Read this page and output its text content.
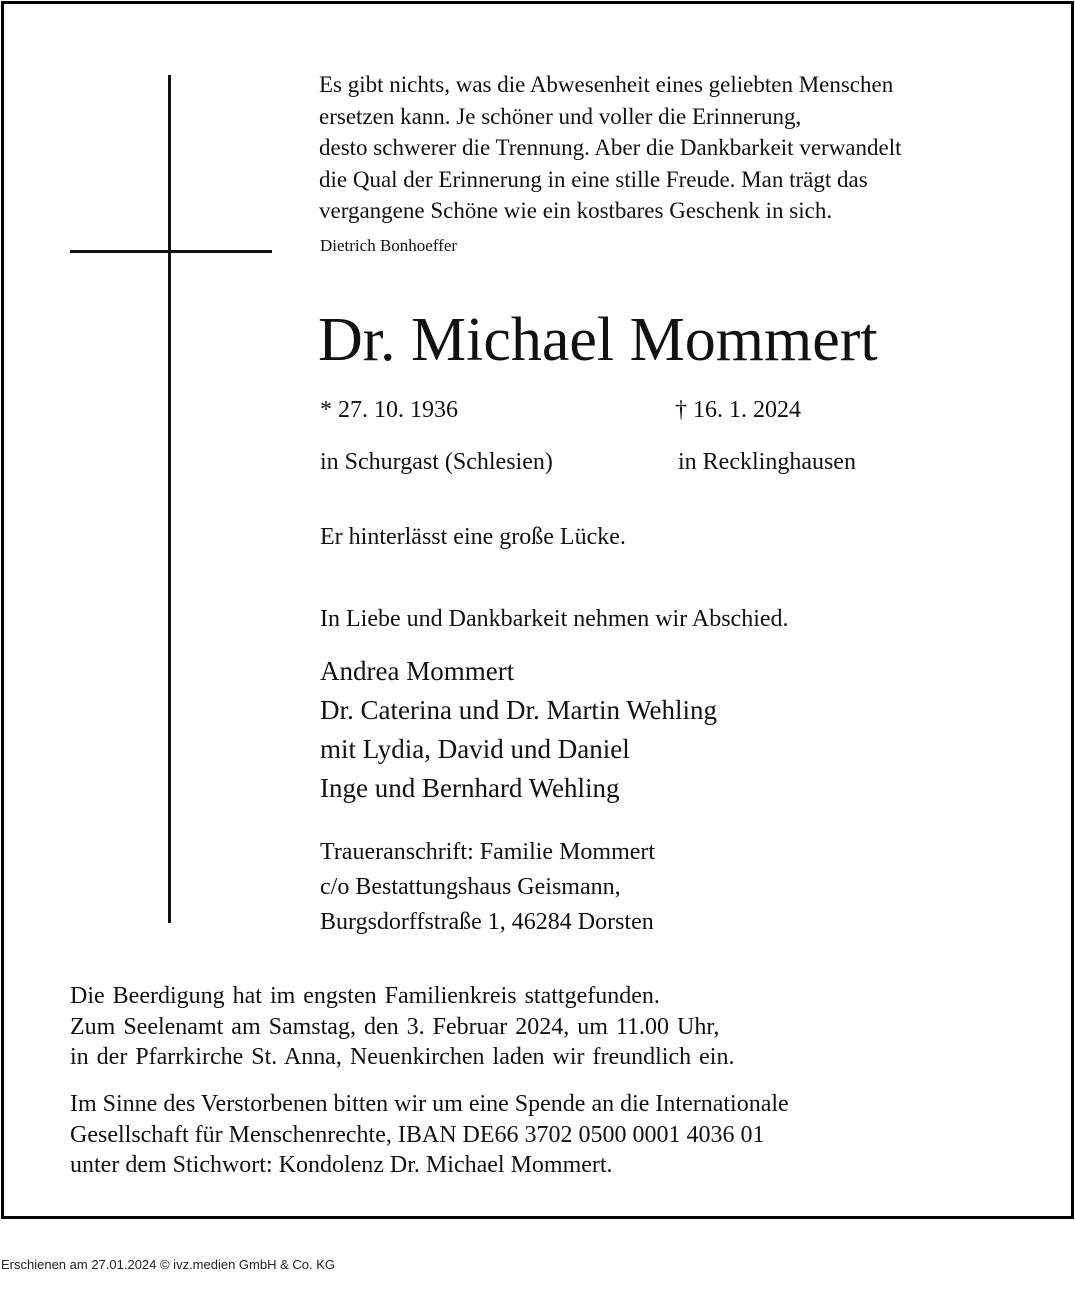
Es gibt nichts, was die Abwesenheit eines geliebten Menschen
ersetzen kann. Je schöner und voller die Erinnerung,
desto schwerer die Trennung. Aber die Dankbarkeit verwandelt
die Qual der Erinnerung in eine stille Freude. Man trägt das
vergangene Schöne wie ein kostbares Geschenk in sich.
Dietrich Bonhoeffer
Dr. Michael Mommert
* 27. 10. 1936	† 16. 1. 2024
in Schurgast (Schlesien)	in Recklinghausen
Er hinterlässt eine große Lücke.
In Liebe und Dankbarkeit nehmen wir Abschied.
Andrea Mommert
Dr. Caterina und Dr. Martin Wehling
mit Lydia, David und Daniel
Inge und Bernhard Wehling
Traueranschrift: Familie Mommert
c/o Bestattungshaus Geismann,
Burgsdorffstraße 1, 46284 Dorsten
Die Beerdigung hat im engsten Familienkreis stattgefunden.
Zum Seelenamt am Samstag, den 3. Februar 2024, um 11.00 Uhr,
in der Pfarrkirche St. Anna, Neuenkirchen laden wir freundlich ein.
Im Sinne des Verstorbenen bitten wir um eine Spende an die Internationale
Gesellschaft für Menschenrechte, IBAN DE66 3702 0500 0001 4036 01
unter dem Stichwort: Kondolenz Dr. Michael Mommert.
Erschienen am 27.01.2024 © ivz.medien GmbH & Co. KG
